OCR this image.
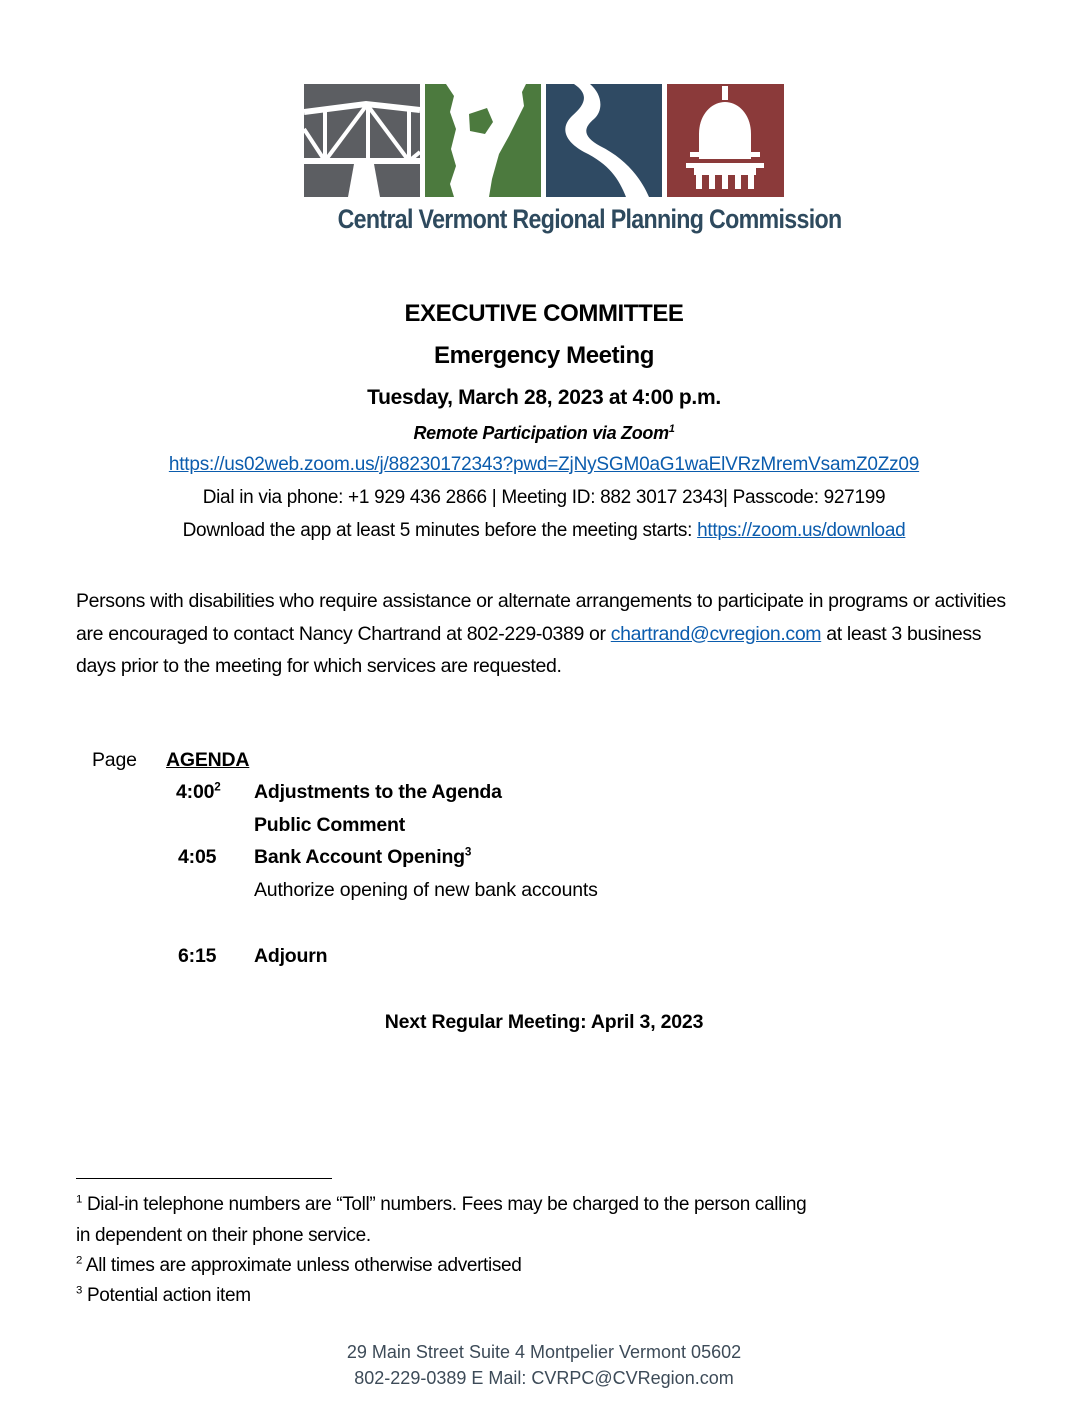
Central Vermont Regional Planning Commission
EXECUTIVE COMMITTEE
Emergency Meeting
Tuesday, March 28, 2023 at 4:00 p.m.
Remote Participation via Zoom$^1$
https://us02web.zoom.us/j/88230172343?pwd=ZjNySGM0aG1waElVRzMremVsamZ0Zz09
Dial in via phone: +1 929 436 2866 | Meeting ID: 882 3017 2343| Passcode: 927199
Download the app at least 5 minutes before the meeting starts: https://zoom.us/download
Persons with disabilities who require assistance or alternate arrangements to participate in programs or activities are encouraged to contact Nancy Chartrand at 802-229-0389 or chartrand@cvregion.com at least 3 business days prior to the meeting for which services are requested.
Page AGENDA
$4:00^2$ Adjustments to the Agenda
Public Comment
4:05 Bank Account Opening$^3$
Authorize opening of new bank accounts
6:15 Adjourn
Next Regular Meeting: April 3, 2023
$^1$ Dial-in telephone numbers are “Toll” numbers. Fees may be charged to the person calling
in dependent on their phone service.
$^2$ All times are approximate unless otherwise advertised
$^3$ Potential action item
29 Main Street Suite 4 Montpelier Vermont 05602
802-229-0389 E Mail: CVRPC@CVRegion.com
